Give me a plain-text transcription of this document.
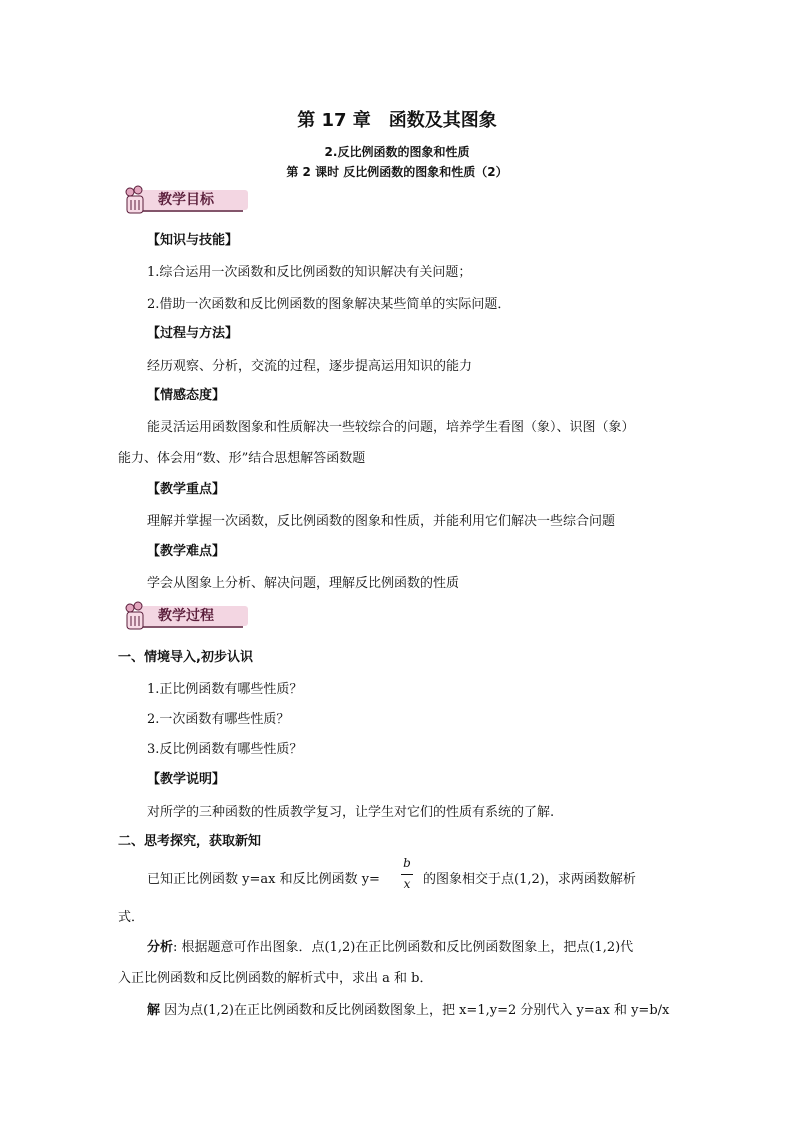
第 17 章　函数及其图象
2.反比例函数的图象和性质
第 2 课时 反比例函数的图象和性质（2）
教学目标
【知识与技能】
1.综合运用一次函数和反比例函数的知识解决有关问题；
2.借助一次函数和反比例函数的图象解决某些简单的实际问题．
【过程与方法】
经历观察、分析，交流的过程，逐步提高运用知识的能力
【情感态度】
能灵活运用函数图象和性质解决一些较综合的问题，培养学生看图（象）、识图（象）
能力、体会用“数、形”结合思想解答函数题
【教学重点】
理解并掌握一次函数，反比例函数的图象和性质，并能利用它们解决一些综合问题
【教学难点】
学会从图象上分析、解决问题，理解反比例函数的性质
教学过程
一、情境导入,初步认识
1.正比例函数有哪些性质？
2.一次函数有哪些性质？
3.反比例函数有哪些性质？
【教学说明】
对所学的三种函数的性质教学复习，让学生对它们的性质有系统的了解.
二、思考探究，获取新知
已知正比例函数 y=ax 和反比例函数 y=
b
x 的图象相交于点(1,2)，求两函数解析
式．
分析: 根据题意可作出图象．点(1,2)在正比例函数和反比例函数图象上，把点(1,2)代
入正比例函数和反比例函数的解析式中，求出 a 和 b．
解 因为点(1,2)在正比例函数和反比例函数图象上，把 x=1,y=2 分别代入 y=ax 和 y=b/x
